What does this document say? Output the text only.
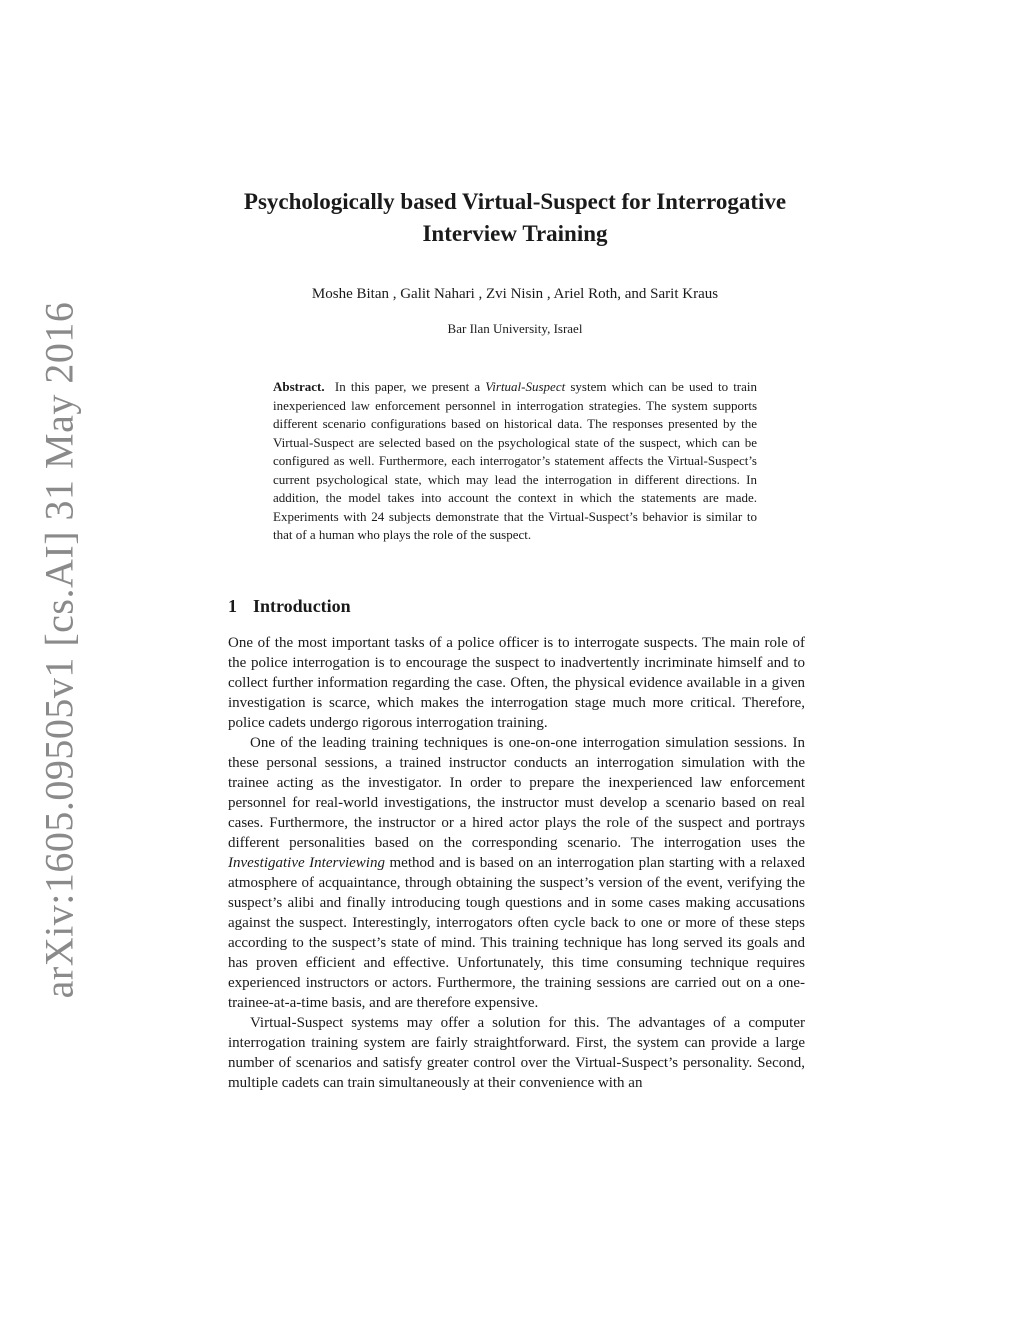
arXiv:1605.09505v1 [cs.AI] 31 May 2016
Psychologically based Virtual-Suspect for Interrogative
Interview Training
Moshe Bitan , Galit Nahari , Zvi Nisin , Ariel Roth, and Sarit Kraus
Bar Ilan University, Israel

Abstract. In this paper, we present a Virtual-Suspect system which can be used to train inexperienced law enforcement personnel in interrogation strategies. The system supports different scenario configurations based on historical data. The responses presented by the Virtual-Suspect are selected based on the psychological state of the suspect, which can be configured as well. Furthermore, each interrogator’s statement affects the Virtual-Suspect’s current psychological state, which may lead the interrogation in different directions. In addition, the model takes into account the context in which the statements are made. Experiments with 24 subjects demonstrate that the Virtual-Suspect’s behavior is similar to that of a human who plays the role of the suspect.

1 Introduction

One of the most important tasks of a police officer is to interrogate suspects. The main role of the police interrogation is to encourage the suspect to inadvertently incriminate himself and to collect further information regarding the case. Often, the physical evidence available in a given investigation is scarce, which makes the interrogation stage much more critical. Therefore, police cadets undergo rigorous interrogation training.

One of the leading training techniques is one-on-one interrogation simulation sessions. In these personal sessions, a trained instructor conducts an interrogation simulation with the trainee acting as the investigator. In order to prepare the inexperienced law enforcement personnel for real-world investigations, the instructor must develop a scenario based on real cases. Furthermore, the instructor or a hired actor plays the role of the suspect and portrays different personalities based on the corresponding scenario. The interrogation uses the Investigative Interviewing method and is based on an interrogation plan starting with a relaxed atmosphere of acquaintance, through obtaining the suspect’s version of the event, verifying the suspect’s alibi and finally introducing tough questions and in some cases making accusations against the suspect. Interestingly, interrogators often cycle back to one or more of these steps according to the suspect’s state of mind. This training technique has long served its goals and has proven efficient and effective. Unfortunately, this time consuming technique requires experienced instructors or actors. Furthermore, the training sessions are carried out on a one-trainee-at-a-time basis, and are therefore expensive.

Virtual-Suspect systems may offer a solution for this. The advantages of a computer interrogation training system are fairly straightforward. First, the system can provide a large number of scenarios and satisfy greater control over the Virtual-Suspect’s personality. Second, multiple cadets can train simultaneously at their convenience with an
